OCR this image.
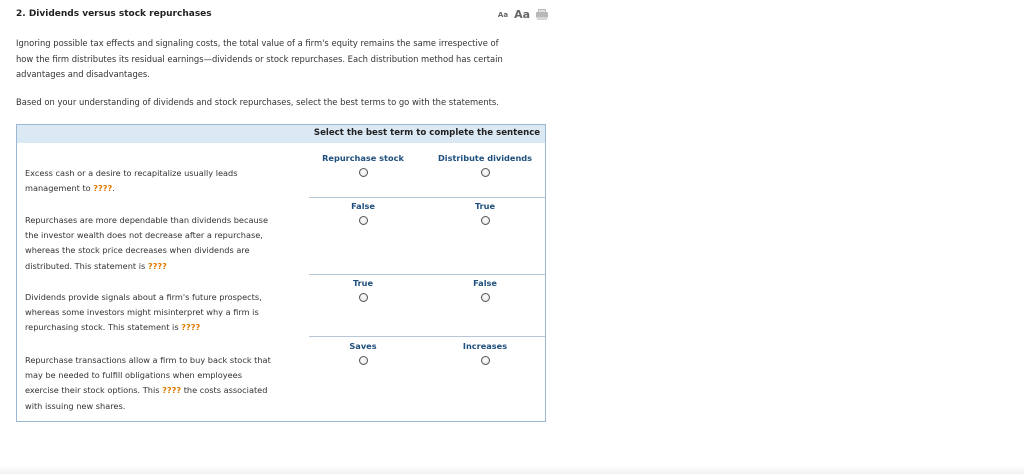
2. Dividends versus stock repurchases	Aa Aa
Ignoring possible tax effects and signaling costs, the total value of a firm's equity remains the same irrespective of
how the firm distributes its residual earnings—dividends or stock repurchases. Each distribution method has certain
advantages and disadvantages.
Based on your understanding of dividends and stock repurchases, select the best terms to go with the statements.
Select the best term to complete the sentence
Repurchase stock	Distribute dividends
Excess cash or a desire to recapitalize usually leads
management to ????.
False	True
Repurchases are more dependable than dividends because
the investor wealth does not decrease after a repurchase,
whereas the stock price decreases when dividends are
distributed. This statement is ????
True	False
Dividends provide signals about a firm's future prospects,
whereas some investors might misinterpret why a firm is
repurchasing stock. This statement is ????
Saves	Increases
Repurchase transactions allow a firm to buy back stock that
may be needed to fulfill obligations when employees
exercise their stock options. This ???? the costs associated
with issuing new shares.
